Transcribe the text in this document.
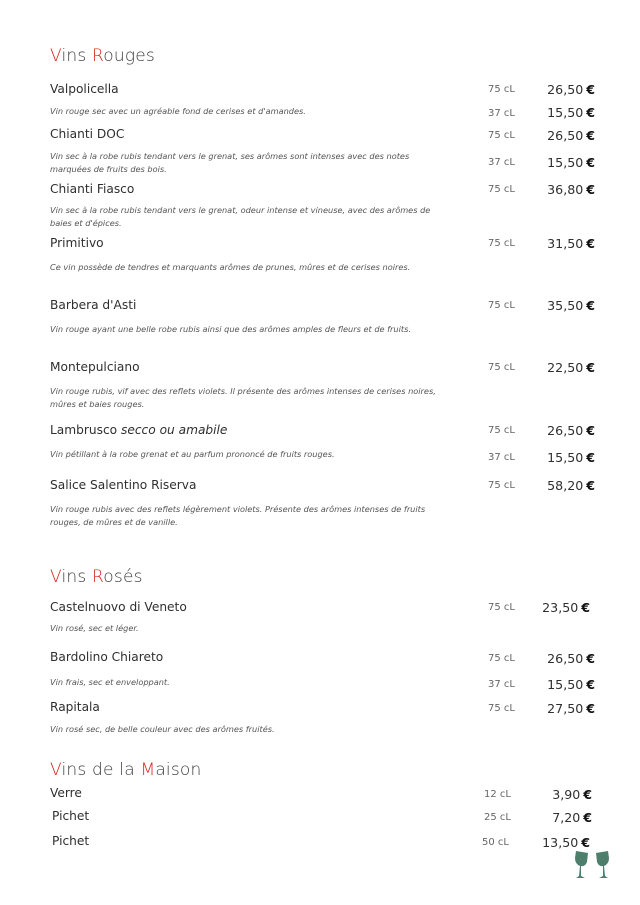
Vins Rouges
Valpolicella	75 cL	26,50 €
Vin rouge sec avec un agréable fond de cerises et d'amandes.	37 cL	15,50 €
Chianti DOC	75 cL	26,50 €
Vin sec à la robe rubis tendant vers le grenat, ses arômes sont intenses avec des notes marquées de fruits des bois.
37 cL	15,50 €
Chianti Fiasco	75 cL	36,80 €
Vin sec à la robe rubis tendant vers le grenat, odeur intense et vineuse, avec des arômes de baies et d'épices.
Primitivo	75 cL	31,50 €
Ce vin possède de tendres et marquants arômes de prunes, mûres et de cerises noires.
Barbera d'Asti	75 cL	35,50 €
Vin rouge ayant une belle robe rubis ainsi que des arômes amples de fleurs et de fruits.
Montepulciano	75 cL	22,50 €
Vin rouge rubis, vif avec des reflets violets. Il présente des arômes intenses de cerises noires, mûres et baies rouges.
Lambrusco secco ou amabile	75 cL	26,50 €
Vin pétillant à la robe grenat et au parfum prononcé de fruits rouges.	37 cL	15,50 €
Salice Salentino Riserva	75 cL	58,20 €
Vin rouge rubis avec des reflets légèrement violets. Présente des arômes intenses de fruits rouges, de mûres et de vanille.
Vins Rosés
Castelnuovo di Veneto	75 cL	23,50 €
Vin rosé, sec et léger.
Bardolino Chiareto	75 cL	26,50 €
Vin frais, sec et enveloppant.	37 cL	15,50 €
Rapitala	75 cL	27,50 €
Vin rosé sec, de belle couleur avec des arômes fruités.
Vins de la Maison
Verre	12 cL	3,90 €
Pichet	25 cL	7,20 €
Pichet	50 cL	13,50 €
